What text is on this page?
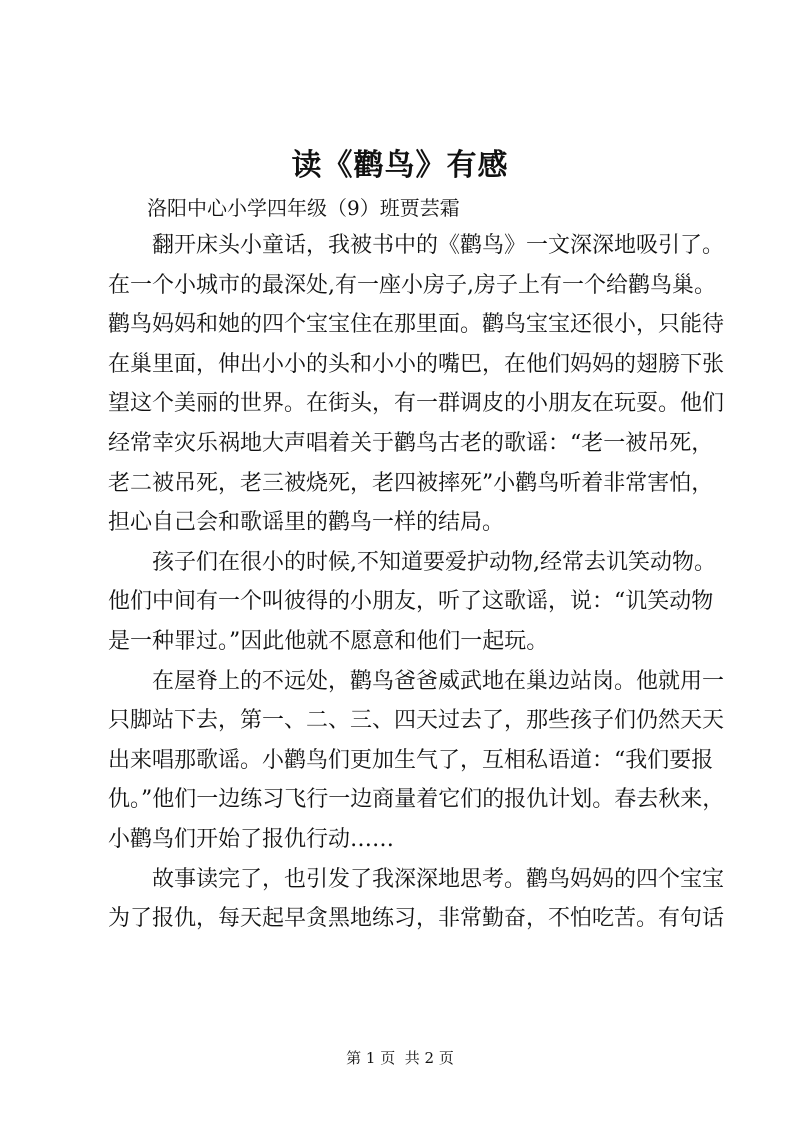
读《鹳鸟》有感
洛阳中心小学四年级（9）班贾芸霜
翻开床头小童话，我被书中的《鹳鸟》一文深深地吸引了。
在一个小城市的最深处,有一座小房子,房子上有一个给鹳鸟巢。
鹳鸟妈妈和她的四个宝宝住在那里面。鹳鸟宝宝还很小，只能待
在巢里面，伸出小小的头和小小的嘴巴，在他们妈妈的翅膀下张
望这个美丽的世界。在街头，有一群调皮的小朋友在玩耍。他们
经常幸灾乐祸地大声唱着关于鹳鸟古老的歌谣：“老一被吊死，
老二被吊死，老三被烧死，老四被摔死”小鹳鸟听着非常害怕，
担心自己会和歌谣里的鹳鸟一样的结局。
孩子们在很小的时候,不知道要爱护动物,经常去讥笑动物。
他们中间有一个叫彼得的小朋友，听了这歌谣，说：“讥笑动物
是一种罪过。”因此他就不愿意和他们一起玩。
在屋脊上的不远处，鹳鸟爸爸威武地在巢边站岗。他就用一
只脚站下去，第一、二、三、四天过去了，那些孩子们仍然天天
出来唱那歌谣。小鹳鸟们更加生气了，互相私语道：“我们要报
仇。”他们一边练习飞行一边商量着它们的报仇计划。春去秋来，
小鹳鸟们开始了报仇行动……
故事读完了，也引发了我深深地思考。鹳鸟妈妈的四个宝宝
为了报仇，每天起早贪黑地练习，非常勤奋，不怕吃苦。有句话
第 1 页  共 2 页
